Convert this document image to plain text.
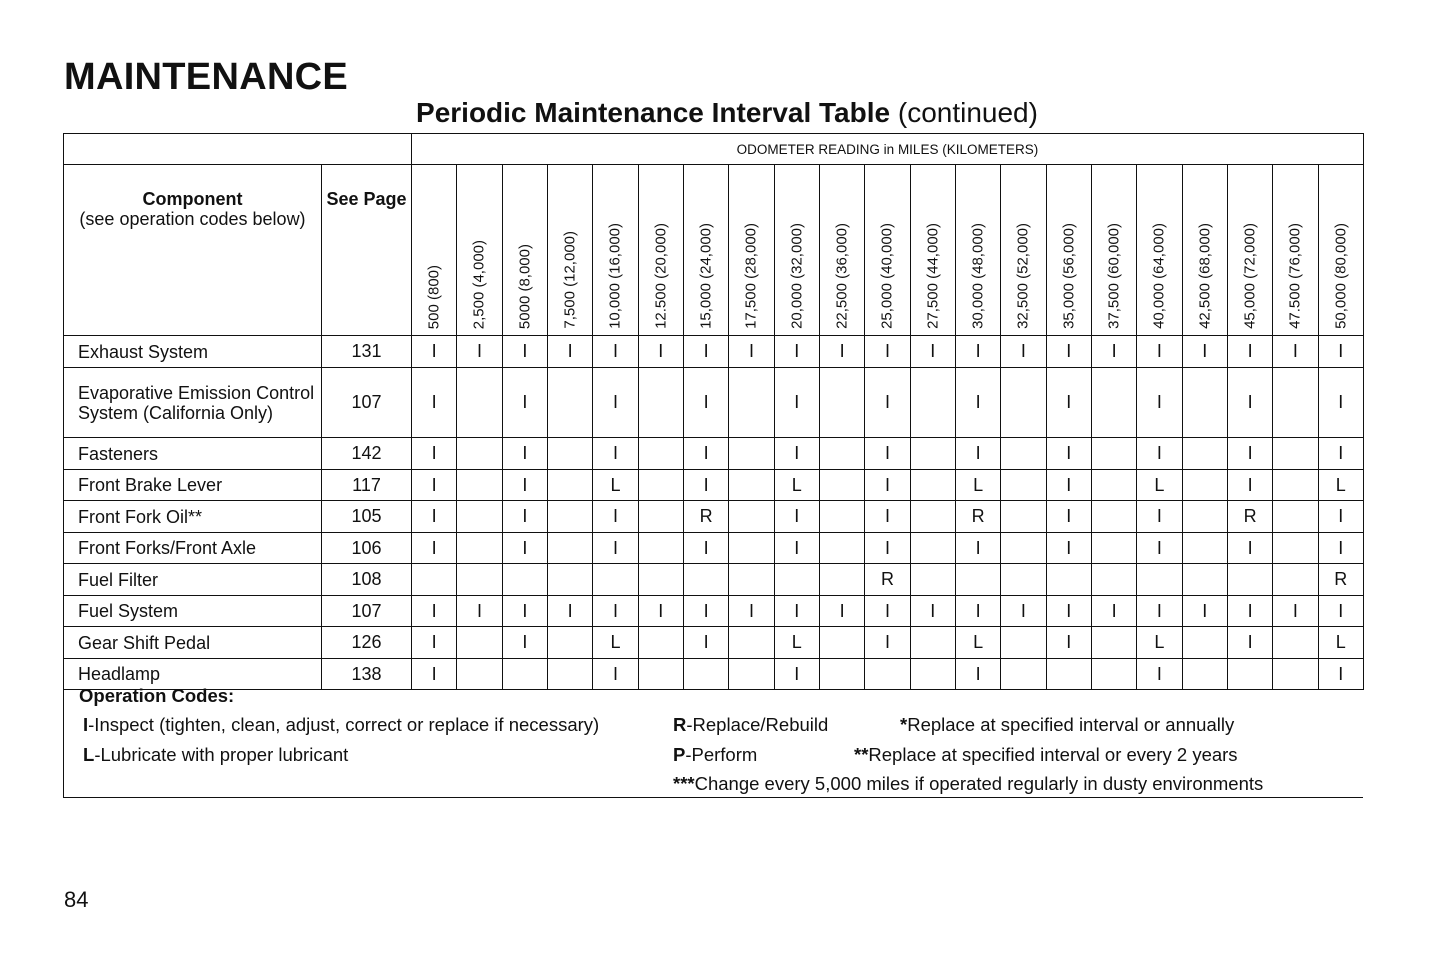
MAINTENANCE
Periodic Maintenance Interval Table (continued)
		ODOMETER READING in MILES (KILOMETERS)																				

Component
(see operation codes below)	See Page	500 (800)	2,500 (4,000)	5000 (8,000)	7,500 (12,000)	10,000 (16,000)	12.500 (20,000)	15,000 (24,000)	17,500 (28,000)	20,000 (32,000)	22,500 (36,000)	25,000 (40,000)	27,500 (44,000)	30,000 (48,000)	32,500 (52,000)	35,000 (56,000)	37,500 (60,000)	40,000 (64,000)	42,500 (68,000)	45,000 (72,000)	47.500 (76,000)	50,000 (80,000)

Exhaust System	131	I	I	I	I	I	I	I	I	I	I	I	I	I	I	I	I	I	I	I	I	I
Evaporative Emission Control System (California Only)	107	I		I		I		I		I		I		I		I		I		I		I
Fasteners	142	I		I		I		I		I		I		I		I		I		I		I
Front Brake Lever	117	I		I		L		I		L		I		L		I		L		I		L
Front Fork Oil**	105	I		I		I		R		I		I		R		I		I		R		I
Front Forks/Front Axle	106	I		I		I		I		I		I		I		I		I		I		I
Fuel Filter	108											R										R
Fuel System	107	I	I	I	I	I	I	I	I	I	I	I	I	I	I	I	I	I	I	I	I	I
Gear Shift Pedal	126	I		I		L		I		L		I		L		I		L		I		L
Headlamp	138	I				I				I				I				I				I
Operation Codes:
I-Inspect (tighten, clean, adjust, correct or replace if necessary)
L-Lubricate with proper lubricant
R-Replace/Rebuild
P-Perform
*Replace at specified interval or annually
**Replace at specified interval or every 2 years
***Change every 5,000 miles if operated regularly in dusty environments
84
